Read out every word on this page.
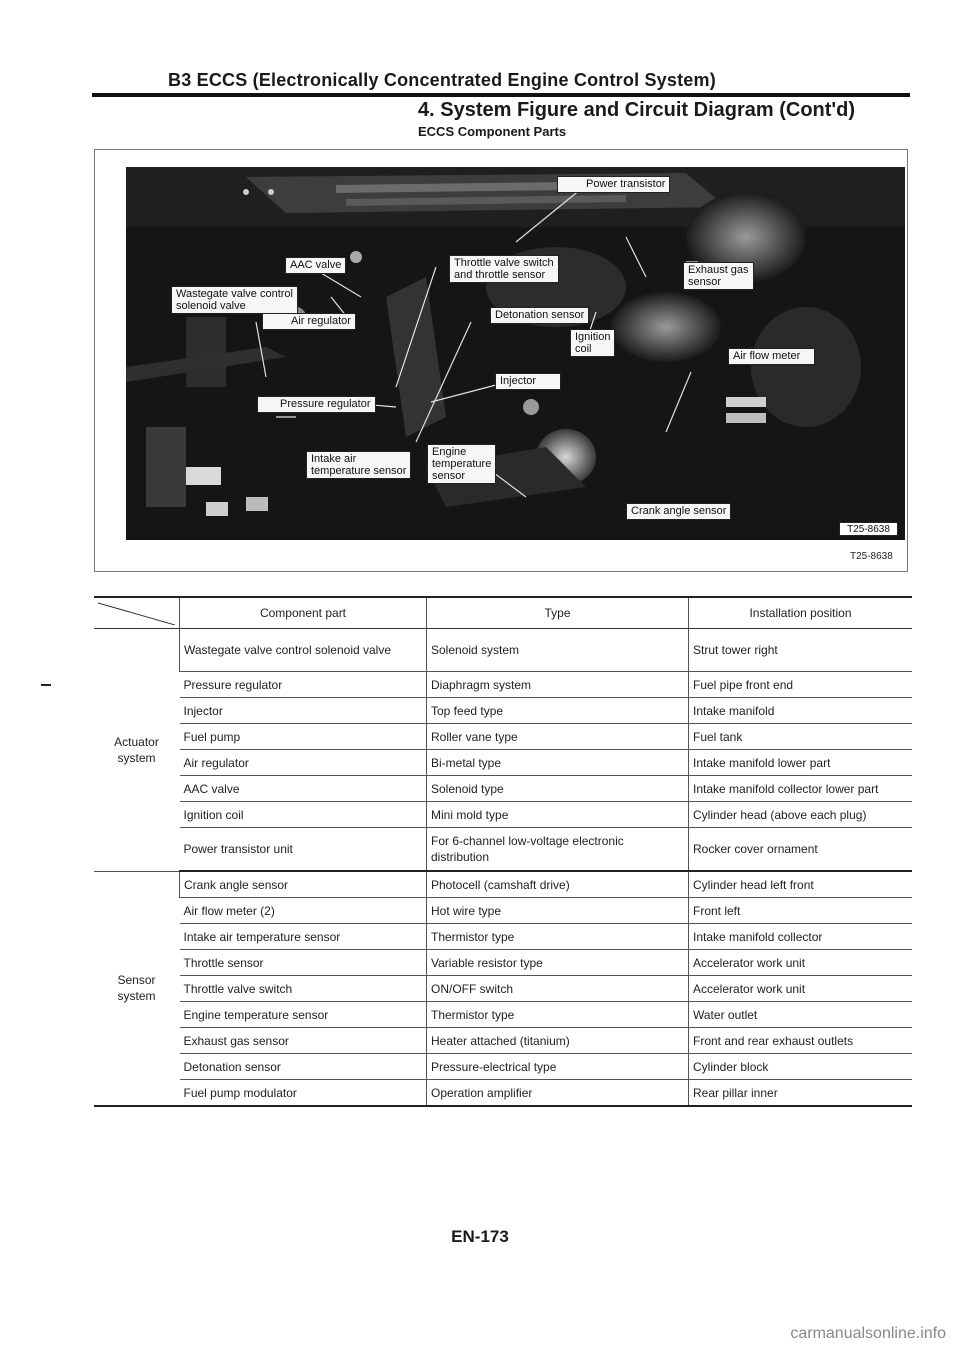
B3 ECCS (Electronically Concentrated Engine Control System)
4. System Figure and Circuit Diagram (Cont'd)
ECCS Component Parts
Power transistor
AAC valve
Wastegate valve control
solenoid valve
Air regulator
Throttle valve switch
and throttle sensor	Exhaust gas
sensor
Detonation sensor
Ignition
coil
Air flow meter
Injector
Pressure regulator
Engine
temperature
sensor
Intake air
temperature sensor
Crank angle sensor
T25-8638
T25-8638
	Component part	Type	Installation position

Actuator
system	Wastegate valve control solenoid valve	Solenoid system	Strut tower right
	Pressure regulator	Diaphragm system	Fuel pipe front end
	Injector	Top feed type	Intake manifold
	Fuel pump	Roller vane type	Fuel tank
	Air regulator	Bi-metal type	Intake manifold lower part
	AAC valve	Solenoid type	Intake manifold collector lower part
	Ignition coil	Mini mold type	Cylinder head (above each plug)
	Power transistor unit	For 6-channel low-voltage electronic distribution	Rocker cover ornament

Sensor
system	Crank angle sensor	Photocell (camshaft drive)	Cylinder head left front
	Air flow meter (2)	Hot wire type	Front left
	Intake air temperature sensor	Thermistor type	Intake manifold collector
	Throttle sensor	Variable resistor type	Accelerator work unit
	Throttle valve switch	ON/OFF switch	Accelerator work unit
	Engine temperature sensor	Thermistor type	Water outlet
	Exhaust gas sensor	Heater attached (titanium)	Front and rear exhaust outlets
	Detonation sensor	Pressure-electrical type	Cylinder block
	Fuel pump modulator	Operation amplifier	Rear pillar inner
EN-173
carmanualsonline.info
